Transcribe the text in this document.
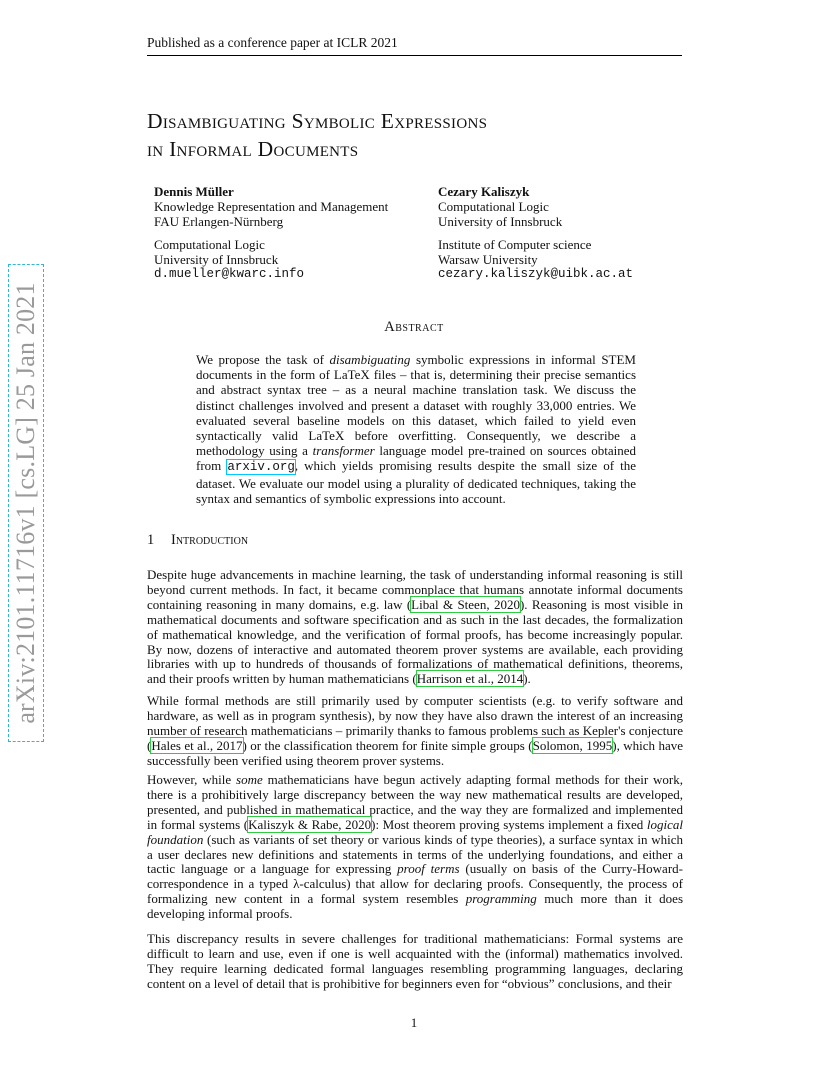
Published as a conference paper at ICLR 2021
Disambiguating Symbolic Expressions
in Informal Documents
Dennis Müller
Knowledge Representation and Management
FAU Erlangen-Nürnberg
Computational Logic
University of Innsbruck
d.mueller@kwarc.info
Cezary Kaliszyk
Computational Logic
University of Innsbruck
Institute of Computer science
Warsaw University
cezary.kaliszyk@uibk.ac.at
arXiv:2101.11716v1 [cs.LG] 25 Jan 2021	Abstract
We propose the task of disambiguating symbolic expressions in informal STEM documents in the form of LaTeX files – that is, determining their precise semantics and abstract syntax tree – as a neural machine translation task. We discuss the distinct challenges involved and present a dataset with roughly 33,000 entries. We evaluated several baseline models on this dataset, which failed to yield even syntactically valid LaTeX before overfitting. Consequently, we describe a methodology using a transformer language model pre-trained on sources obtained from arxiv.org, which yields promising results despite the small size of the dataset. We evaluate our model using a plurality of dedicated techniques, taking the syntax and semantics of symbolic expressions into account.
1 Introduction
Despite huge advancements in machine learning, the task of understanding informal reasoning is still beyond current methods. In fact, it became commonplace that humans annotate informal documents containing reasoning in many domains, e.g. law (Libal & Steen, 2020). Reasoning is most visible in mathematical documents and software specification and as such in the last decades, the formalization of mathematical knowledge, and the verification of formal proofs, has become increasingly popular. By now, dozens of interactive and automated theorem prover systems are available, each providing libraries with up to hundreds of thousands of formalizations of mathematical definitions, theorems, and their proofs written by human mathematicians (Harrison et al., 2014).
While formal methods are still primarily used by computer scientists (e.g. to verify software and hardware, as well as in program synthesis), by now they have also drawn the interest of an increasing number of research mathematicians – primarily thanks to famous problems such as Kepler's conjecture (Hales et al., 2017) or the classification theorem for finite simple groups (Solomon, 1995), which have successfully been verified using theorem prover systems.
However, while some mathematicians have begun actively adapting formal methods for their work, there is a prohibitively large discrepancy between the way new mathematical results are developed, presented, and published in mathematical practice, and the way they are formalized and implemented in formal systems (Kaliszyk & Rabe, 2020): Most theorem proving systems implement a fixed logical foundation (such as variants of set theory or various kinds of type theories), a surface syntax in which a user declares new definitions and statements in terms of the underlying foundations, and either a tactic language or a language for expressing proof terms (usually on basis of the Curry-Howard-correspondence in a typed λ-calculus) that allow for declaring proofs. Consequently, the process of formalizing new content in a formal system resembles programming much more than it does developing informal proofs.
This discrepancy results in severe challenges for traditional mathematicians: Formal systems are difficult to learn and use, even if one is well acquainted with the (informal) mathematics involved. They require learning dedicated formal languages resembling programming languages, declaring content on a level of detail that is prohibitive for beginners even for “obvious” conclusions, and their
1
